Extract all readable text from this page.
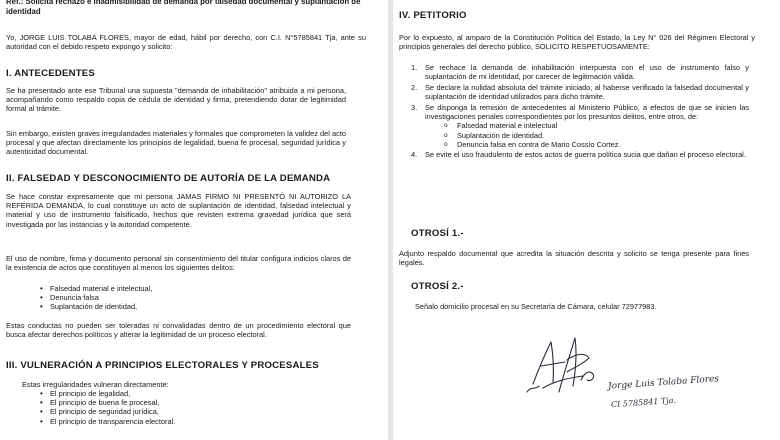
Ref.: Solicita rechazo e inadmisibilidad de demanda por falsedad documental y suplantación de identidad

Yo, JORGE LUIS TOLABA FLORES, mayor de edad, hábil por derecho, con C.I. N°5785841 Tja, ante su autoridad con el debido respeto expongo y solicito:

I. ANTECEDENTES

Se ha presentado ante ese Tribunal una supuesta "demanda de inhabilitación" atribuida a mi persona, acompañando como respaldo copia de cédula de identidad y firma, pretendiendo dotar de legitimidad formal al trámite.

Sin embargo, existen graves irregularidades materiales y formales que comprometen la validez del acto procesal y que afectan directamente los principios de legalidad, buena fe procesal, seguridad jurídica y autenticidad documental.

II. FALSEDAD Y DESCONOCIMIENTO DE AUTORÍA DE LA DEMANDA

Se hace constar expresamente que mi persona JAMAS FIRMO NI PRESENTÓ NI AUTORIZO LA REFERIDA DEMANDA, lo cual constituye un acto de suplantación de identidad, falsedad intelectual y material y uso de instrumento falsificado, hechos que revisten extrema gravedad jurídica que será investigada por las instancias y la autoridad competente.

El uso de nombre, firma y documento personal sin consentimiento del titular configura indicios claros de la existencia de actos que constituyen al menos los siguientes delitos:

• Falsedad material e intelectual,
• Denuncia falsa
• Suplantación de identidad,

Estas conductas no pueden ser toleradas ni convalidadas dentro de un procedimiento electoral que busca afectar derechos políticos y alterar la legitimidad de un proceso electoral.

III. VULNERACIÓN A PRINCIPIOS ELECTORALES Y PROCESALES

Estas irregularidades vulneran directamente:

• El principio de legalidad,
• El principio de buena fe procesal,
• El principio de seguridad jurídica,
• El principio de transparencia electoral.

IV. PETITORIO

Por lo expuesto, al amparo de la Constitución Política del Estado, la Ley N° 026 del Régimen Electoral y principios generales del derecho público, SOLICITO RESPETUOSAMENTE:

1. Se rechace la demanda de inhabilitación interpuesta con el uso de instrumento falso y suplantación de mi identidad, por carecer de legitimación válida.
2. Se declare la nulidad absoluta del trámite iniciado, al haberse verificado la falsedad documental y suplantación de identidad utilizados para dicho trámite.
3. Se disponga la remisión de antecedentes al Ministerio Público, a efectos de que se inicien las investigaciones penales correspondientes por los presuntos delitos, entre otros, de:
o Falsedad material e intelectual
o Suplantación de identidad.
o Denuncia falsa en contra de Mario Cossío Cortez.
4. Se evite el uso fraudulento de estos actos de guerra política sucia que dañan el proceso electoral.

OTROSÍ 1.-

Adjunto respaldo documental que acredita la situación descrita y solicito se tenga presente para fines legales.

OTROSÍ 2.-

Señalo domicilio procesal en su Secretaría de Cámara, celular 72977983.

Jorge Luis Tolaba Flores
CI 5785841 Tja.
